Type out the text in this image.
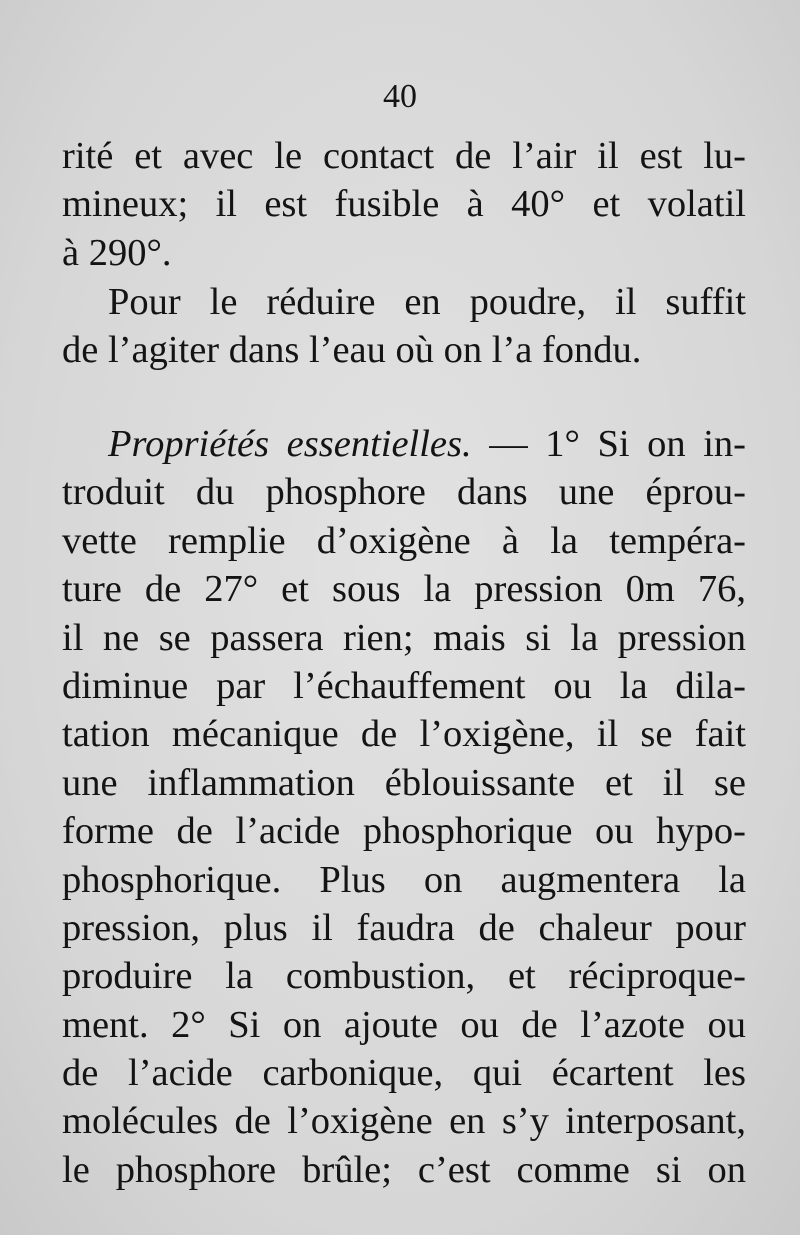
40
rité et avec le contact de l’air il est lu-
mineux; il est fusible à 40° et volatil
à 290°.
Pour le réduire en poudre, il suffit
de l’agiter dans l’eau où on l’a fondu.
Propriétés essentielles. — 1° Si on in-
troduit du phosphore dans une éprou-
vette remplie d’oxigène à la tempéra-
ture de 27° et sous la pression 0m 76,
il ne se passera rien; mais si la pression
diminue par l’échauffement ou la dila-
tation mécanique de l’oxigène, il se fait
une inflammation éblouissante et il se
forme de l’acide phosphorique ou hypo-
phosphorique. Plus on augmentera la
pression, plus il faudra de chaleur pour
produire la combustion, et réciproque-
ment. 2° Si on ajoute ou de l’azote ou
de l’acide carbonique, qui écartent les
molécules de l’oxigène en s’y interposant,
le phosphore brûle; c’est comme si on
